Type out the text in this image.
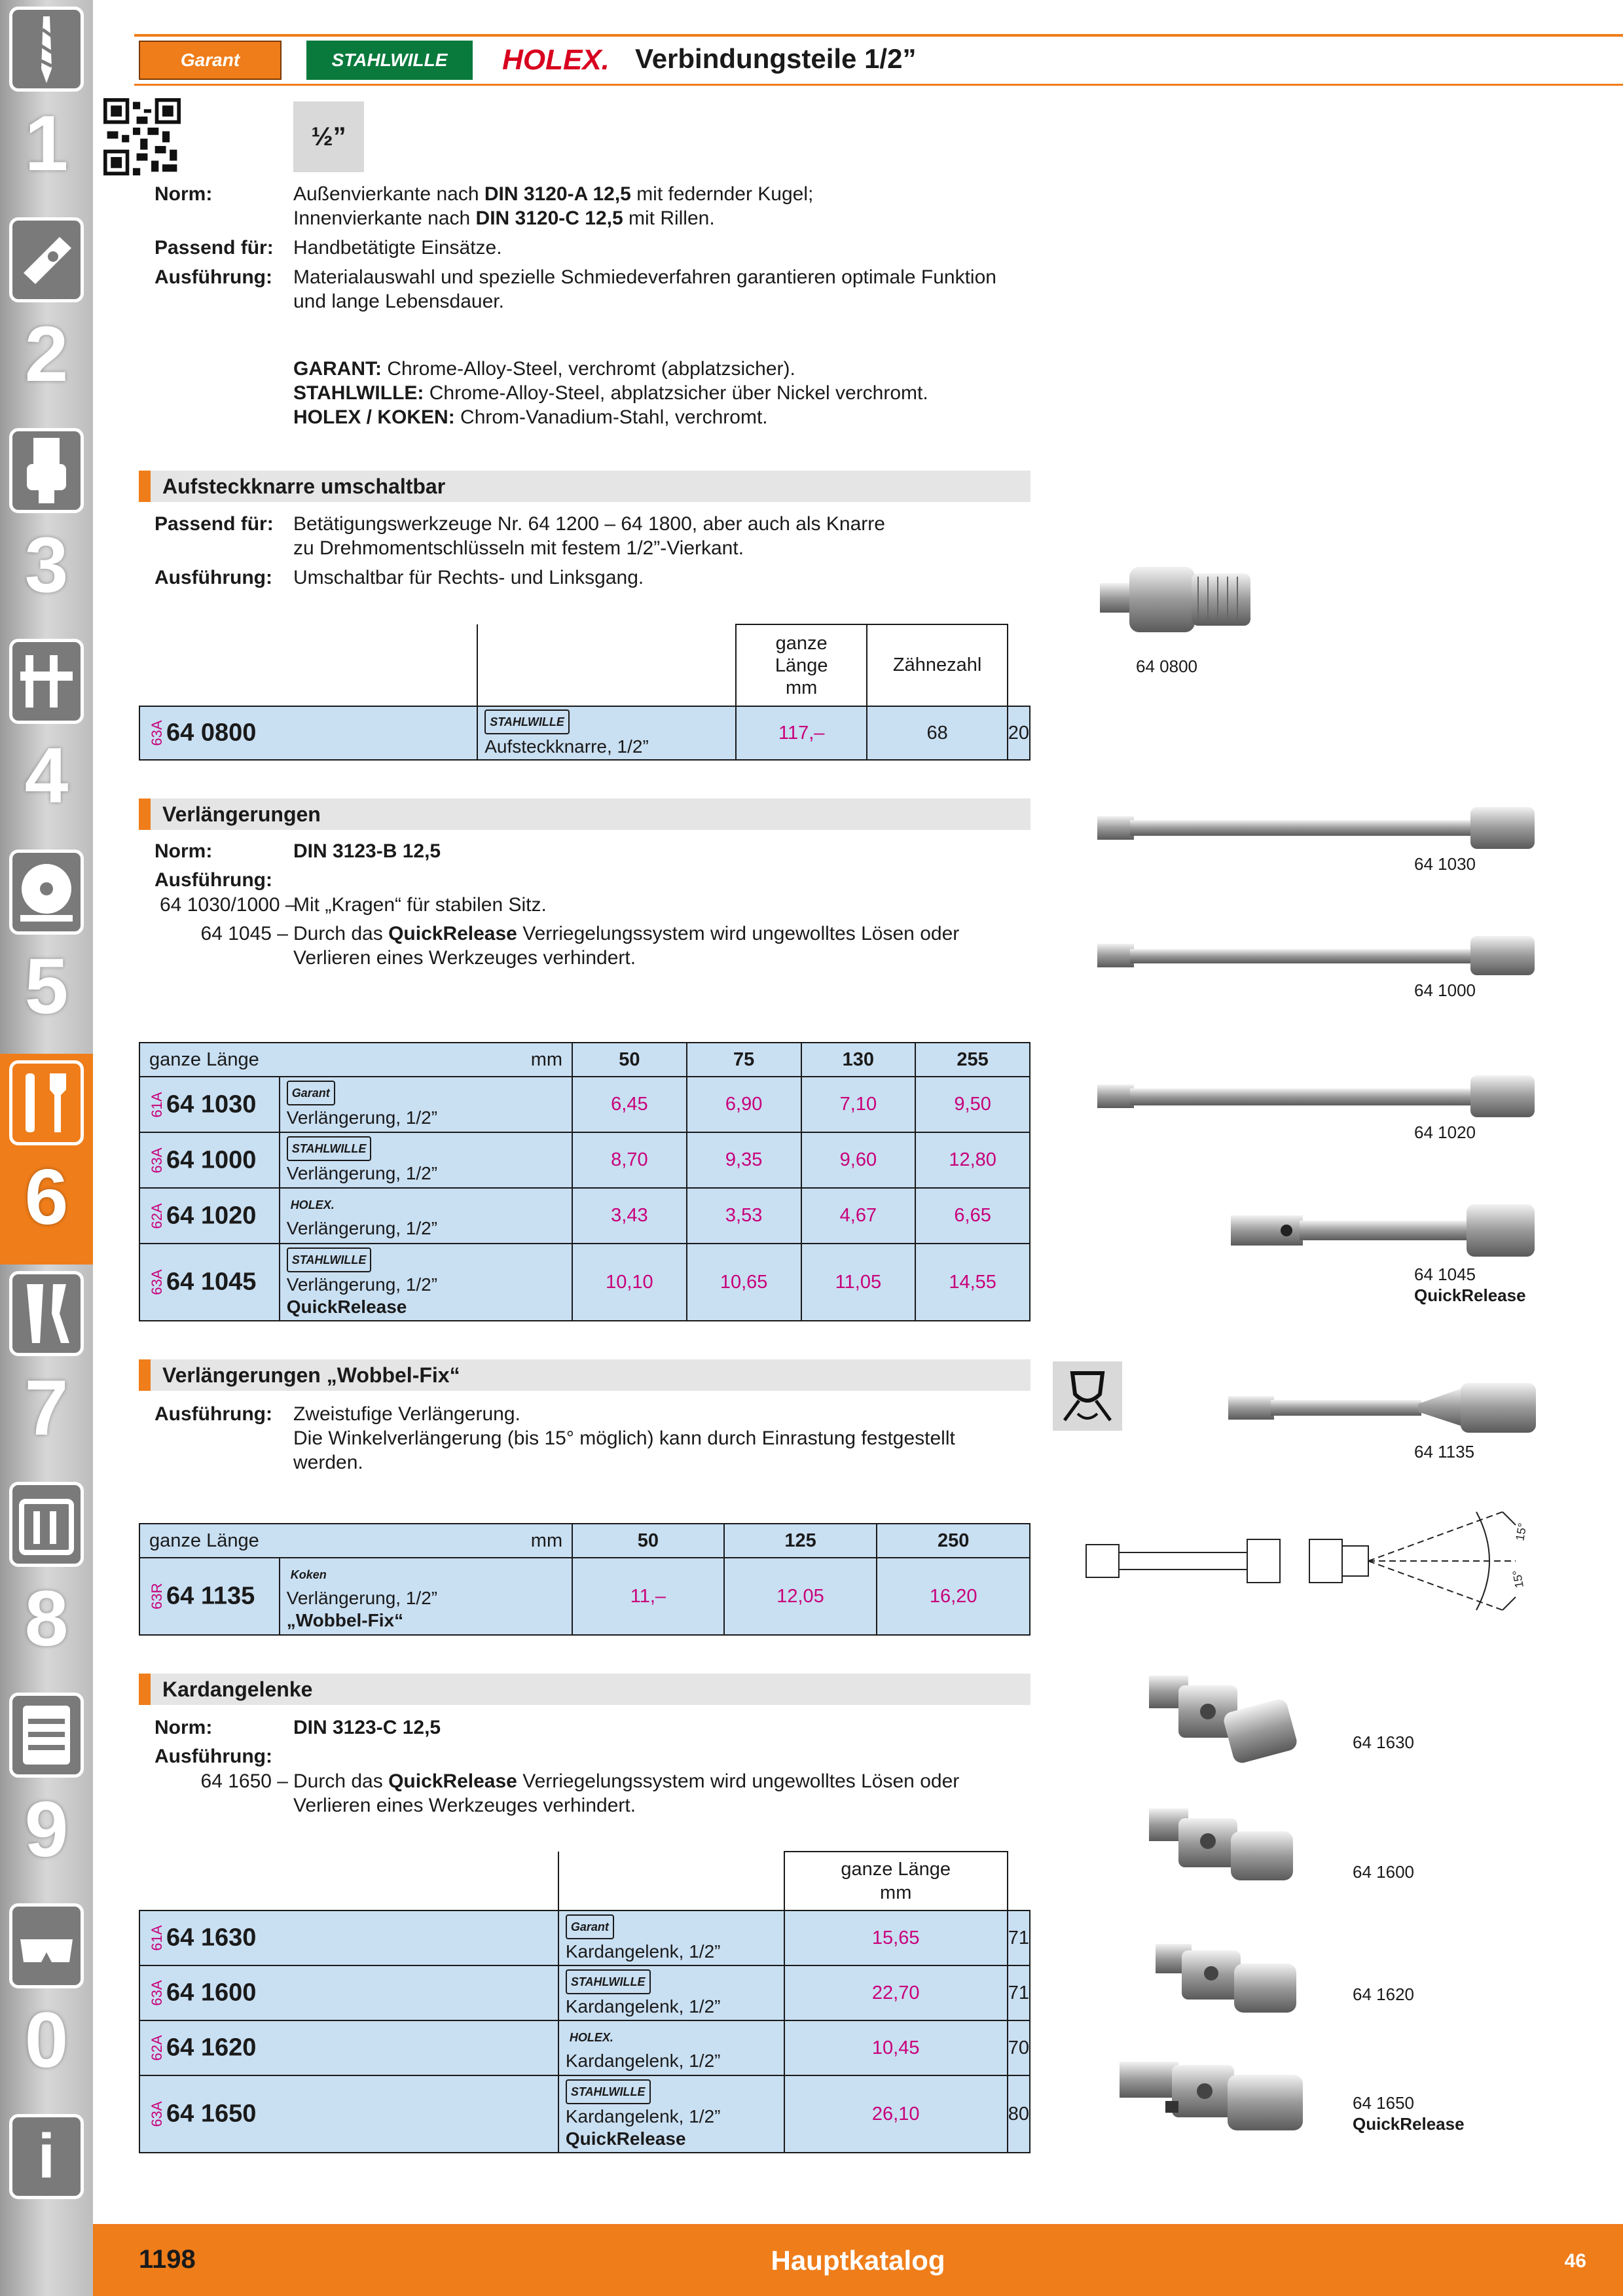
1
2
3
4
5
6
7
8
9
0
i
Garant	STAHLWILLE	HOLEX. Verbindungsteile 1/2”
½”
Norm:	Außenvierkante nach DIN 3120-A 12,5 mit federnder Kugel;
Innenvierkante nach DIN 3120-C 12,5 mit Rillen.
Passend für: Handbetätigte Einsätze.
Ausführung: Materialauswahl und spezielle Schmiedeverfahren garantieren optimale Funktion
und lange Lebensdauer.
GARANT: Chrome-Alloy-Steel, verchromt (abplatzsicher).
STAHLWILLE: Chrome-Alloy-Steel, abplatzsicher über Nickel verchromt.
HOLEX / KOKEN: Chrom-Vanadium-Stahl, verchromt.
Aufsteckknarre umschaltbar
Passend für: Betätigungswerkzeuge Nr. 64 1200 – 64 1800, aber auch als Knarre
zu Drehmomentschlüsseln mit festem 1/2”-Vierkant.
Ausführung: Umschaltbar für Rechts- und Linksgang.
		ganze
Länge
mm	Zähnezahl	

63A 64 0800	STAHLWILLE
Aufsteckknarre, 1/2”	117,–	68	20
64 0800
Verlängerungen
Norm:	DIN 3123-B 12,5
Ausführung:
64 1030/1000 –
Mit „Kragen“ für stabilen Sitz.
64 1045 – Durch das QuickRelease Verriegelungssystem wird ungewolltes Lösen oder
Verlieren eines Werkzeuges verhindert.
ganze Länge	mm	50	75	130	255

61A 64 1030	Garant
Verlängerung, 1/2”	6,45	6,90	7,10	9,50

63A 64 1000	STAHLWILLE
Verlängerung, 1/2”	8,70	9,35	9,60	12,80

62A 64 1020	HOLEX.
Verlängerung, 1/2”	3,43	3,53	4,67	6,65

63A 64 1045	STAHLWILLE
Verlängerung, 1/2”
QuickRelease	10,10	10,65	11,05	14,55
64 1030
64 1000
64 1020
64 1045
QuickRelease
Verlängerungen „Wobbel-Fix“
Ausführung: Zweistufige Verlängerung.
Die Winkelverlängerung (bis 15° möglich) kann durch Einrastung festgestellt
werden.
ganze Länge	mm	50	125	250

63R 64 1135	Koken
Verlängerung, 1/2”
„Wobbel-Fix“	11,–	12,05	16,20
64 1135
15°
15°
Kardangelenke
Norm:	DIN 3123-C 12,5
Ausführung:
64 1650 – Durch das QuickRelease Verriegelungssystem wird ungewolltes Lösen oder
Verlieren eines Werkzeuges verhindert.
		ganze Länge
mm	

61A 64 1630	Garant
Kardangelenk, 1/2”	15,65	71

63A 64 1600	STAHLWILLE
Kardangelenk, 1/2”	22,70	71

62A 64 1620	HOLEX.
Kardangelenk, 1/2”	10,45	70

63A 64 1650	STAHLWILLE
Kardangelenk, 1/2”
QuickRelease	26,10	80
64 1630
64 1600
64 1620
64 1650
QuickRelease
Hauptkatalog
1198	46
